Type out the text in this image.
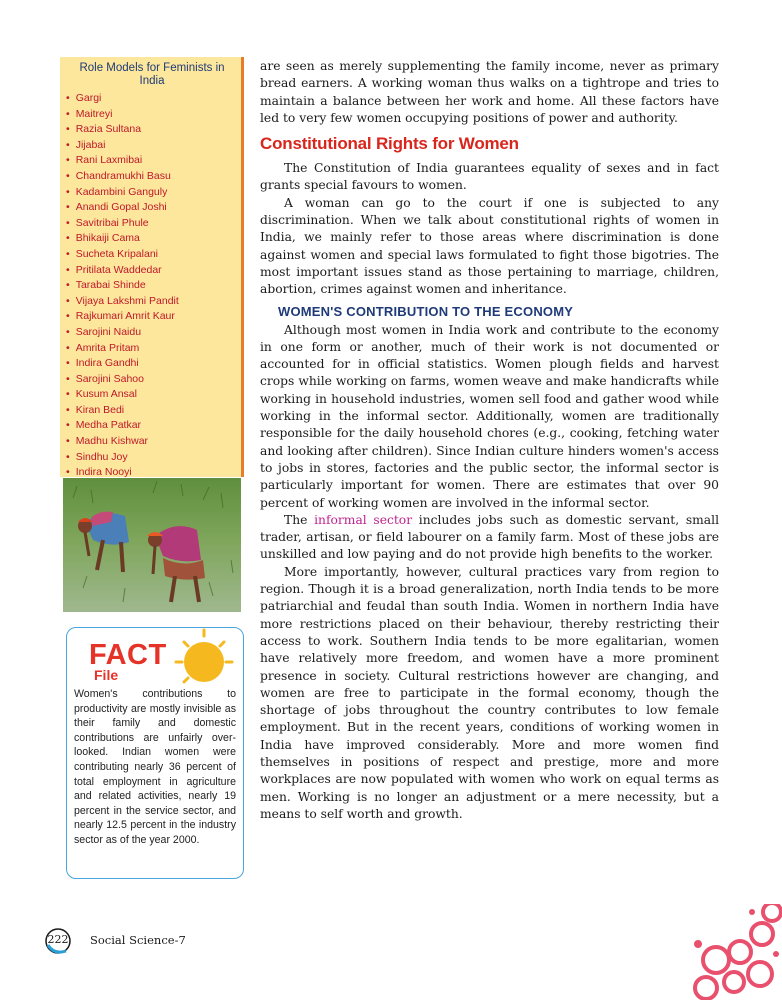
Role Models for Feminists in
India
• Gargi
• Maitreyi
• Razia Sultana
• Jijabai
• Rani Laxmibai
• Chandramukhi Basu
• Kadambini Ganguly
• Anandi Gopal Joshi
• Savitribai Phule
• Bhikaiji Cama
• Sucheta Kripalani
• Pritilata Waddedar
• Tarabai Shinde
• Vijaya Lakshmi Pandit
• Rajkumari Amrit Kaur
• Sarojini Naidu
• Amrita Pritam
• Indira Gandhi
• Sarojini Sahoo
• Kusum Ansal
• Kiran Bedi
• Medha Patkar
• Madhu Kishwar
• Sindhu Joy
• Indira Nooyi
FACT
File

Women's contributions to productivity are mostly invisible as their family and domestic contributions are unfairly over-looked. Indian women were contributing nearly 36 percent of total employment in agriculture and related activities, nearly 19 percent in the service sector, and nearly 12.5 percent in the industry sector as of the year 2000.

are seen as merely supplementing the family income, never as primary bread earners. A working woman thus walks on a tightrope and tries to maintain a balance between her work and home. All these factors have led to very few women occupying positions of power and authority.

Constitutional Rights for Women

The Constitution of India guarantees equality of sexes and in fact grants special favours to women.

A woman can go to the court if one is subjected to any discrimination. When we talk about constitutional rights of women in India, we mainly refer to those areas where discrimination is done against women and special laws formulated to fight those bigotries. The most important issues stand as those pertaining to marriage, children, abortion, crimes against women and inheritance.

WOMEN'S CONTRIBUTION TO THE ECONOMY

Although most women in India work and contribute to the economy in one form or another, much of their work is not documented or accounted for in official statistics. Women plough fields and harvest crops while working on farms, women weave and make handicrafts while working in household industries, women sell food and gather wood while working in the informal sector. Additionally, women are traditionally responsible for the daily household chores (e.g., cooking, fetching water and looking after children). Since Indian culture hinders women's access to jobs in stores, factories and the public sector, the informal sector is particularly important for women. There are estimates that over 90 percent of working women are involved in the informal sector.

The informal sector includes jobs such as domestic servant, small trader, artisan, or field labourer on a family farm. Most of these jobs are unskilled and low paying and do not provide high benefits to the worker.

More importantly, however, cultural practices vary from region to region. Though it is a broad generalization, north India tends to be more patriarchial and feudal than south India. Women in northern India have more restrictions placed on their behaviour, thereby restricting their access to work. Southern India tends to be more egalitarian, women have relatively more freedom, and women have a more prominent presence in society. Cultural restrictions however are changing, and women are free to participate in the formal economy, though the shortage of jobs throughout the country contributes to low female employment. But in the recent years, conditions of working women in India have improved considerably. More and more women find themselves in positions of respect and prestige, more and more workplaces are now populated with women who work on equal terms as men. Working is no longer an adjustment or a mere necessity, but a means to self worth and growth.

222	Social Science-7
